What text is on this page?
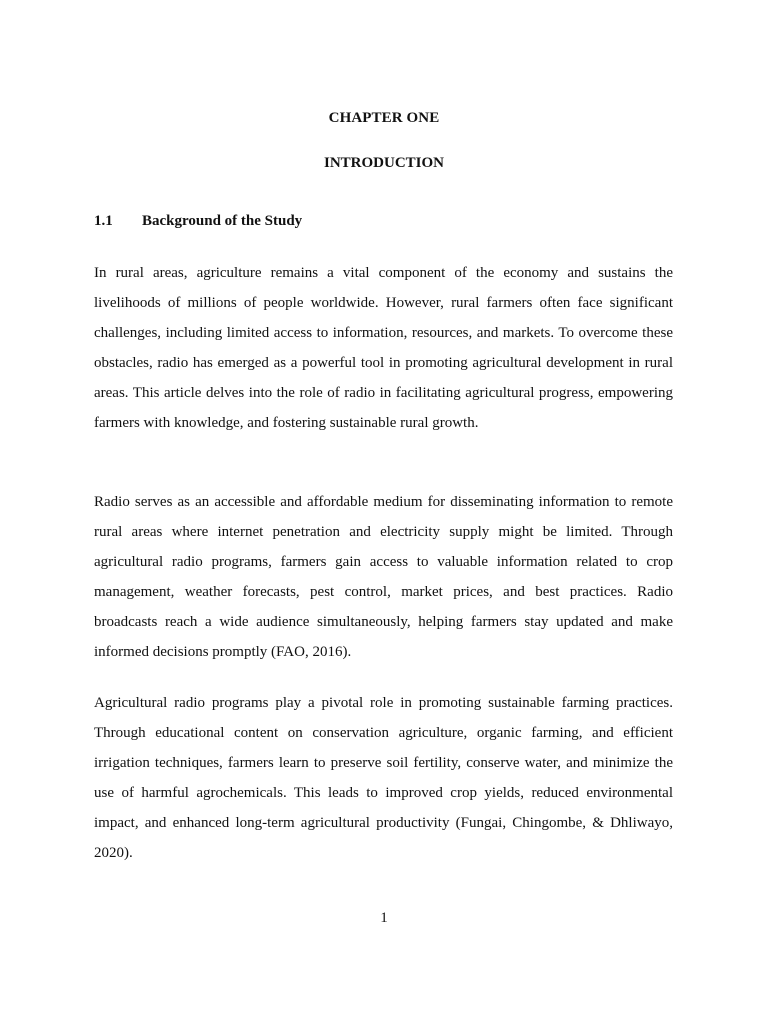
CHAPTER ONE
INTRODUCTION
1.1	Background of the Study

In rural areas, agriculture remains a vital component of the economy and sustains the livelihoods of millions of people worldwide. However, rural farmers often face significant challenges, including limited access to information, resources, and markets. To overcome these obstacles, radio has emerged as a powerful tool in promoting agricultural development in rural areas. This article delves into the role of radio in facilitating agricultural progress, empowering farmers with knowledge, and fostering sustainable rural growth.

Radio serves as an accessible and affordable medium for disseminating information to remote rural areas where internet penetration and electricity supply might be limited. Through agricultural radio programs, farmers gain access to valuable information related to crop management, weather forecasts, pest control, market prices, and best practices. Radio broadcasts reach a wide audience simultaneously, helping farmers stay updated and make informed decisions promptly (FAO, 2016).

Agricultural radio programs play a pivotal role in promoting sustainable farming practices. Through educational content on conservation agriculture, organic farming, and efficient irrigation techniques, farmers learn to preserve soil fertility, conserve water, and minimize the use of harmful agrochemicals. This leads to improved crop yields, reduced environmental impact, and enhanced long-term agricultural productivity (Fungai, Chingombe, & Dhliwayo, 2020).

1
